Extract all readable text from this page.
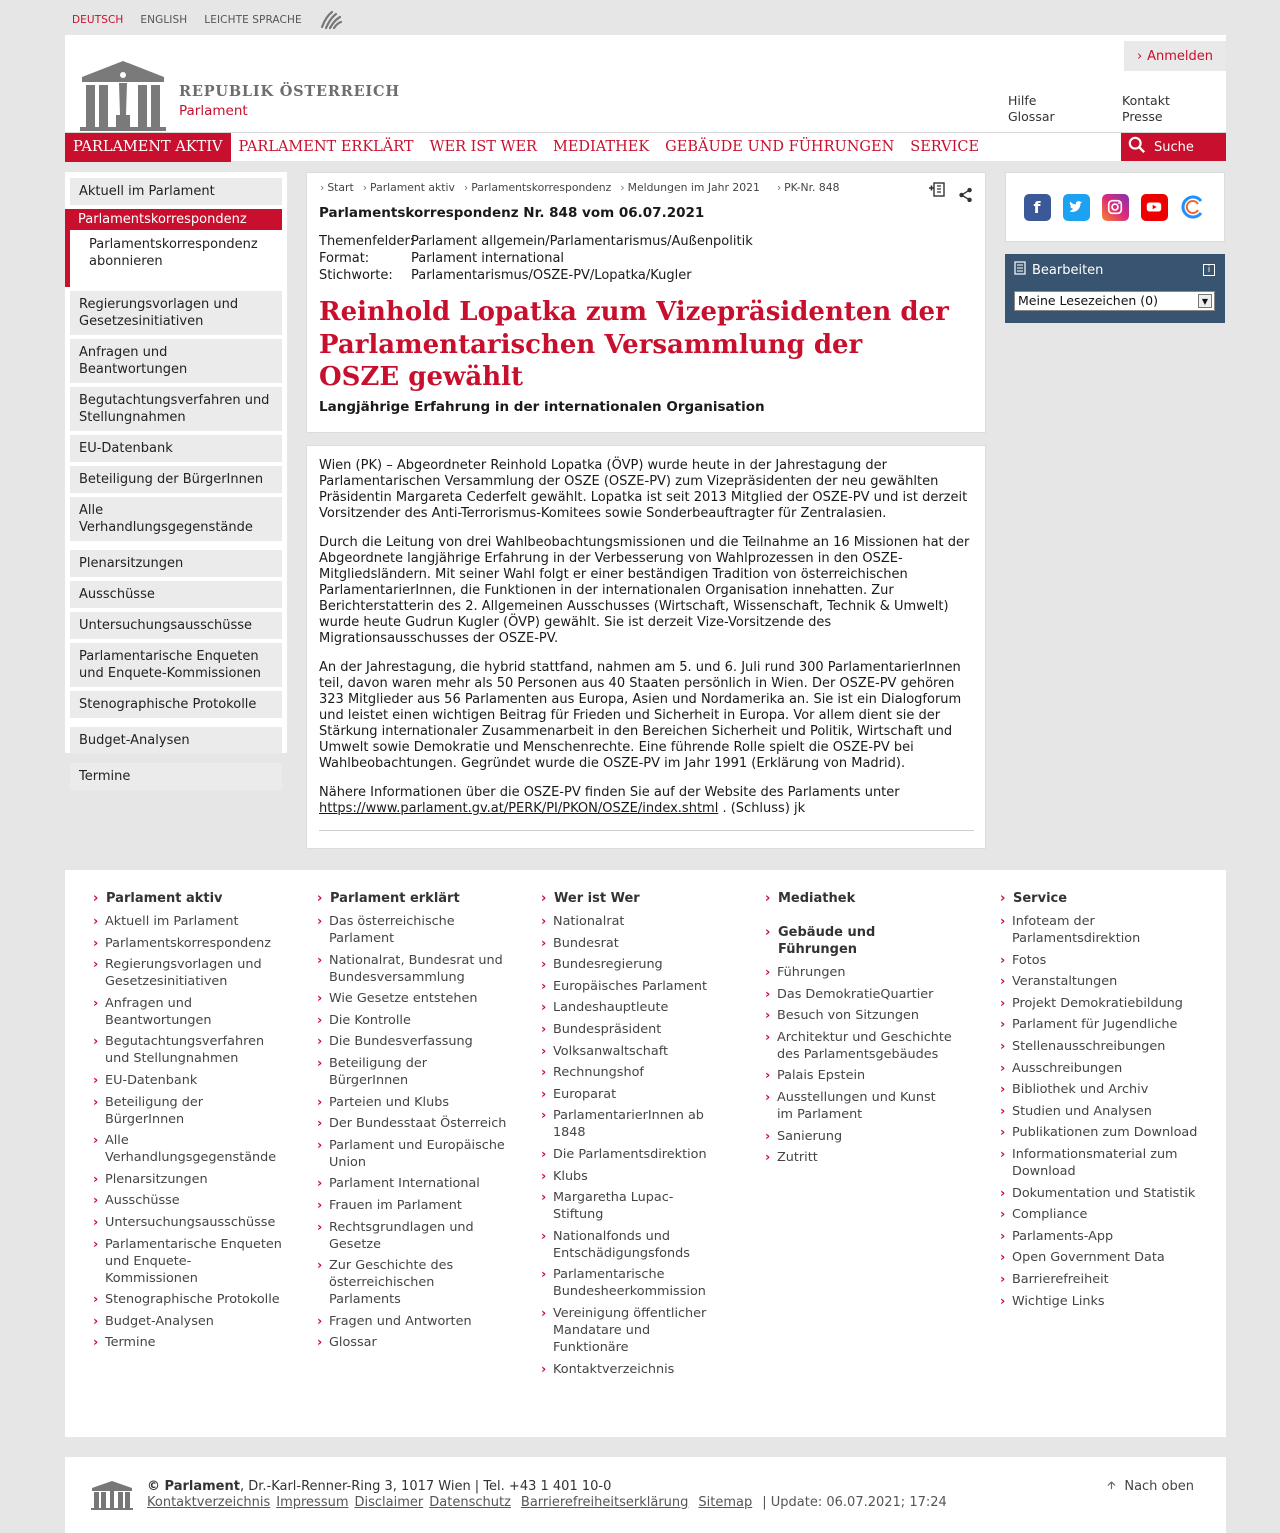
DEUTSCH ENGLISH LEICHTE SPRACHE
REPUBLIK ÖSTERREICH
Parlament
› Anmelden
Hilfe
Glossar
Kontakt
Presse
PARLAMENT AKTIV	PARLAMENT ERKLÄRT	WER IST WER	MEDIATHEK	GEBÄUDE UND FÜHRUNGEN	SERVICE	Suche
Aktuell im Parlament
Parlamentskorrespondenz
Parlamentskorrespondenz abonnieren
Regierungsvorlagen und Gesetzesinitiativen
Anfragen und Beantwortungen
Begutachtungsverfahren und Stellungnahmen
EU-Datenbank
Beteiligung der BürgerInnen
Alle Verhandlungsgegenstände
Plenarsitzungen
Ausschüsse
Untersuchungsausschüsse
Parlamentarische Enqueten und Enquete-Kommissionen
Stenographische Protokolle
Budget-Analysen
Termine
› Start	› Parlament aktiv	› Parlamentskorrespondenz	› Meldungen im Jahr 2021	› PK-Nr. 848
Parlamentskorrespondenz Nr. 848 vom 06.07.2021
Themenfelder:
Parlament allgemein/Parlamentarismus/Außenpolitik
Format:	Parlament international
Stichworte:	Parlamentarismus/OSZE-PV/Lopatka/Kugler
Reinhold Lopatka zum Vizepräsidenten der Parlamentarischen Versammlung der OSZE gewählt
Langjährige Erfahrung in der internationalen Organisation

Wien (PK) – Abgeordneter Reinhold Lopatka (ÖVP) wurde heute in der Jahrestagung der Parlamentarischen Versammlung der OSZE (OSZE-PV) zum Vizepräsidenten der neu gewählten Präsidentin Margareta Cederfelt gewählt. Lopatka ist seit 2013 Mitglied der OSZE-PV und ist derzeit Vorsitzender des Anti-Terrorismus-Komitees sowie Sonderbeauftragter für Zentralasien.

Durch die Leitung von drei Wahlbeobachtungsmissionen und die Teilnahme an 16 Missionen hat der Abgeordnete langjährige Erfahrung in der Verbesserung von Wahlprozessen in den OSZE-Mitgliedsländern. Mit seiner Wahl folgt er einer beständigen Tradition von österreichischen ParlamentarierInnen, die Funktionen in der internationalen Organisation innehatten. Zur Berichterstatterin des 2. Allgemeinen Ausschusses (Wirtschaft, Wissenschaft, Technik & Umwelt) wurde heute Gudrun Kugler (ÖVP) gewählt. Sie ist derzeit Vize-Vorsitzende des Migrationsausschusses der OSZE-PV.

An der Jahrestagung, die hybrid stattfand, nahmen am 5. und 6. Juli rund 300 ParlamentarierInnen teil, davon waren mehr als 50 Personen aus 40 Staaten persönlich in Wien. Der OSZE-PV gehören 323 Mitglieder aus 56 Parlamenten aus Europa, Asien und Nordamerika an. Sie ist ein Dialogforum und leistet einen wichtigen Beitrag für Frieden und Sicherheit in Europa. Vor allem dient sie der Stärkung internationaler Zusammenarbeit in den Bereichen Sicherheit und Politik, Wirtschaft und Umwelt sowie Demokratie und Menschenrechte. Eine führende Rolle spielt die OSZE-PV bei Wahlbeobachtungen. Gegründet wurde die OSZE-PV im Jahr 1991 (Erklärung von Madrid).

Nähere Informationen über die OSZE-PV finden Sie auf der Website des Parlaments unter https://www.parlament.gv.at/PERK/PI/PKON/OSZE/index.shtml . (Schluss) jk

f
Bearbeiten	i
Meine Lesezeichen (0)	▼
› Parlament aktiv
› Aktuell im Parlament
› Parlamentskorrespondenz
› Regierungsvorlagen und Gesetzesinitiativen
› Anfragen und Beantwortungen
› Begutachtungsverfahren und Stellungnahmen
› EU-Datenbank
› Beteiligung der BürgerInnen
› Alle Verhandlungsgegenstände
› Plenarsitzungen
› Ausschüsse
› Untersuchungsausschüsse
› Parlamentarische Enqueten und Enquete-Kommissionen
› Stenographische Protokolle
› Budget-Analysen
› Termine
› Parlament erklärt
› Das österreichische Parlament
› Nationalrat, Bundesrat und Bundesversammlung
› Wie Gesetze entstehen
› Die Kontrolle
› Die Bundesverfassung
› Beteiligung der BürgerInnen
› Parteien und Klubs
› Der Bundesstaat Österreich
› Parlament und Europäische Union
› Parlament International
› Frauen im Parlament
› Rechtsgrundlagen und Gesetze
› Zur Geschichte des österreichischen Parlaments
› Fragen und Antworten
› Glossar
› Wer ist Wer
› Nationalrat
› Bundesrat
› Bundesregierung
› Europäisches Parlament
› Landeshauptleute
› Bundespräsident
› Volksanwaltschaft
› Rechnungshof
› Europarat
› ParlamentarierInnen ab 1848
› Die Parlamentsdirektion
› Klubs
› Margaretha Lupac-Stiftung
› Nationalfonds und Entschädigungsfonds
› Parlamentarische Bundesheerkommission
› Vereinigung öffentlicher Mandatare und Funktionäre
› Kontaktverzeichnis
› Mediathek
› Gebäude und Führungen
› Führungen
› Das DemokratieQuartier
› Besuch von Sitzungen
› Architektur und Geschichte des Parlamentsgebäudes
› Palais Epstein
› Ausstellungen und Kunst im Parlament
› Sanierung
› Zutritt
› Service
› Infoteam der Parlamentsdirektion
› Fotos
› Veranstaltungen
› Projekt Demokratiebildung
› Parlament für Jugendliche
› Stellenausschreibungen
› Ausschreibungen
› Bibliothek und Archiv
› Studien und Analysen
› Publikationen zum Download
› Informationsmaterial zum Download
› Dokumentation und Statistik
› Compliance
› Parlaments-App
› Open Government Data
› Barrierefreiheit
› Wichtige Links
© Parlament, Dr.-Karl-Renner-Ring 3, 1017 Wien | Tel. +43 1 401 10-0
Kontaktverzeichnis Impressum Disclaimer Datenschutz Barrierefreiheitserklärung Sitemap | Update: 06.07.2021; 17:24
Nach oben
